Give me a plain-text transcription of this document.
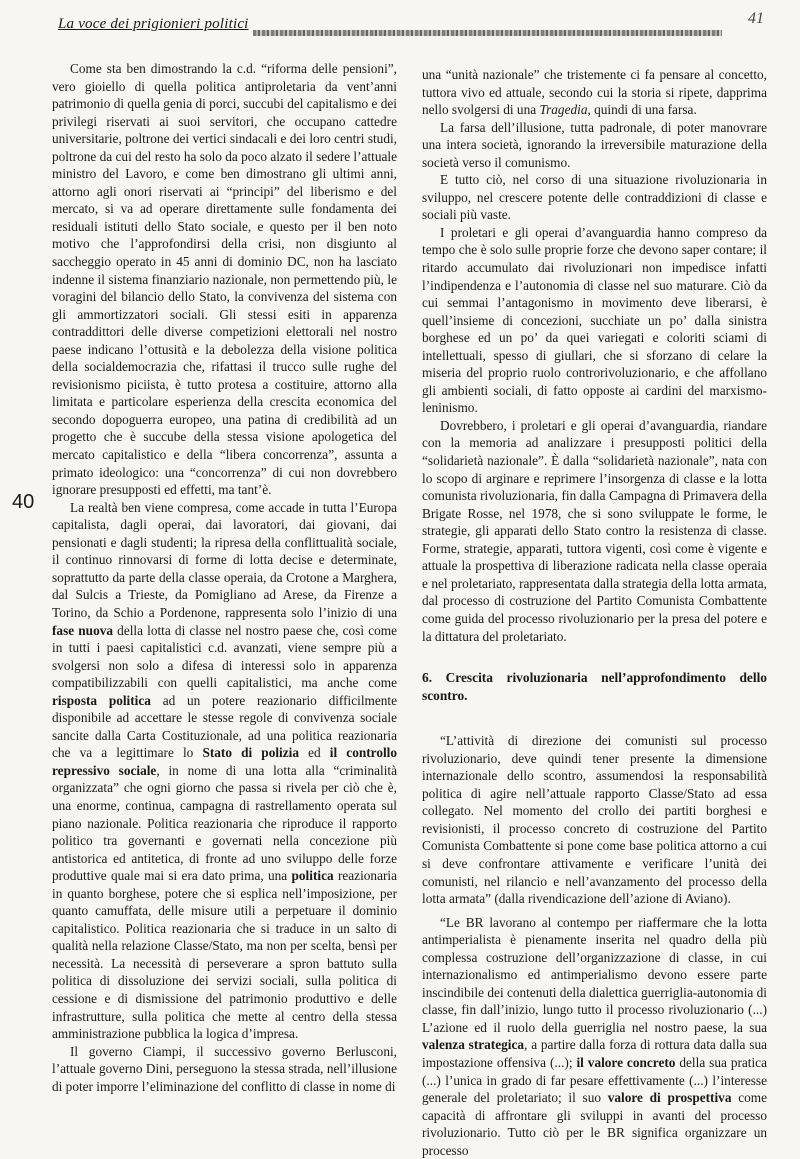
La voce dei prigionieri politici	41
40

Come sta ben dimostrando la c.d. “riforma delle pensioni”, vero gioiello di quella politica antiproletaria da vent’anni patrimonio di quella genia di porci, succubi del capitalismo e dei privilegi riservati ai suoi servitori, che occupano cattedre universitarie, poltrone dei vertici sindacali e dei loro centri studi, poltrone da cui del resto ha solo da poco alzato il sedere l’attuale ministro del Lavoro, e come ben dimostrano gli ultimi anni, attorno agli onori riservati ai “principi” del liberismo e del mercato, si va ad operare direttamente sulle fondamenta dei residuali istituti dello Stato sociale, e questo per il ben noto motivo che l’approfondirsi della crisi, non disgiunto al saccheggio operato in 45 anni di dominio DC, non ha lasciato indenne il sistema finanziario nazionale, non permettendo più, le voragini del bilancio dello Stato, la convivenza del sistema con gli ammortizzatori sociali. Gli stessi esiti in apparenza contraddittori delle diverse competizioni elettorali nel nostro paese indicano l’ottusità e la debolezza della visione politica della socialdemocrazia che, rifattasi il trucco sulle rughe del revisionismo piciista, è tutto protesa a costituire, attorno alla limitata e particolare esperienza della crescita economica del secondo dopoguerra europeo, una patina di credibilità ad un progetto che è succube della stessa visione apologetica del mercato capitalistico e della “libera concorrenza”, assunta a primato ideologico: una “concorrenza” di cui non dovrebbero ignorare presupposti ed effetti, ma tant’è.

La realtà ben viene compresa, come accade in tutta l’Europa capitalista, dagli operai, dai lavoratori, dai giovani, dai pensionati e dagli studenti; la ripresa della conflittualità sociale, il continuo rinnovarsi di forme di lotta decise e determinate, soprattutto da parte della classe operaia, da Crotone a Marghera, dal Sulcis a Trieste, da Pomigliano ad Arese, da Firenze a Torino, da Schio a Pordenone, rappresenta solo l’inizio di una fase nuova della lotta di classe nel nostro paese che, così come in tutti i paesi capitalistici c.d. avanzati, viene sempre più a svolgersi non solo a difesa di interessi solo in apparenza compatibilizzabili con quelli capitalistici, ma anche come risposta politica ad un potere reazionario difficilmente disponibile ad accettare le stesse regole di convivenza sociale sancite dalla Carta Costituzionale, ad una politica reazionaria che va a legittimare lo Stato di polizia ed il controllo repressivo sociale, in nome di una lotta alla “criminalità organizzata” che ogni giorno che passa si rivela per ciò che è, una enorme, continua, campagna di rastrellamento operata sul piano nazionale. Politica reazionaria che riproduce il rapporto politico tra governanti e governati nella concezione più antistorica ed antitetica, di fronte ad uno sviluppo delle forze produttive quale mai si era dato prima, una politica reazionaria in quanto borghese, potere che si esplica nell’imposizione, per quanto camuffata, delle misure utili a perpetuare il dominio capitalistico. Politica reazionaria che si traduce in un salto di qualità nella relazione Classe/Stato, ma non per scelta, bensì per necessità. La necessità di perseverare a spron battuto sulla politica di dissoluzione dei servizi sociali, sulla politica di cessione e di dismissione del patrimonio produttivo e delle infrastrutture, sulla politica che mette al centro della stessa amministrazione pubblica la logica d’impresa.

Il governo Ciampi, il successivo governo Berlusconi, l’attuale governo Dini, perseguono la stessa strada, nell’illusione di poter imporre l’eliminazione del conflitto di classe in nome di

una “unità nazionale” che tristemente ci fa pensare al concetto, tuttora vivo ed attuale, secondo cui la storia si ripete, dapprima nello svolgersi di una Tragedia, quindi di una farsa.

La farsa dell’illusione, tutta padronale, di poter manovrare una intera società, ignorando la irreversibile maturazione della società verso il comunismo.

E tutto ciò, nel corso di una situazione rivoluzionaria in sviluppo, nel crescere potente delle contraddizioni di classe e sociali più vaste.

I proletari e gli operai d’avanguardia hanno compreso da tempo che è solo sulle proprie forze che devono saper contare; il ritardo accumulato dai rivoluzionari non impedisce infatti l’indipendenza e l’autonomia di classe nel suo maturare. Ciò da cui semmai l’antagonismo in movimento deve liberarsi, è quell’insieme di concezioni, succhiate un po’ dalla sinistra borghese ed un po’ da quei variegati e coloriti sciami di intellettuali, spesso di giullari, che si sforzano di celare la miseria del proprio ruolo controrivoluzionario, e che affollano gli ambienti sociali, di fatto opposte ai cardini del marxismo-leninismo.

Dovrebbero, i proletari e gli operai d’avanguardia, riandare con la memoria ad analizzare i presupposti politici della “solidarietà nazionale”. È dalla “solidarietà nazionale”, nata con lo scopo di arginare e reprimere l’insorgenza di classe e la lotta comunista rivoluzionaria, fin dalla Campagna di Primavera della Brigate Rosse, nel 1978, che si sono sviluppate le forme, le strategie, gli apparati dello Stato contro la resistenza di classe. Forme, strategie, apparati, tuttora vigenti, così come è vigente e attuale la prospettiva di liberazione radicata nella classe operaia e nel proletariato, rappresentata dalla strategia della lotta armata, dal processo di costruzione del Partito Comunista Combattente come guida del processo rivoluzionario per la presa del potere e la dittatura del proletariato.

6. Crescita rivoluzionaria nell’approfondimento dello scontro.

“L’attività di direzione dei comunisti sul processo rivoluzionario, deve quindi tener presente la dimensione internazionale dello scontro, assumendosi la responsabilità politica di agire nell’attuale rapporto Classe/Stato ad essa collegato. Nel momento del crollo dei partiti borghesi e revisionisti, il processo concreto di costruzione del Partito Comunista Combattente si pone come base politica attorno a cui si deve confrontare attivamente e verificare l’unità dei comunisti, nel rilancio e nell’avanzamento del processo della lotta armata” (dalla rivendicazione dell’azione di Aviano).

“Le BR lavorano al contempo per riaffermare che la lotta antimperialista è pienamente inserita nel quadro della più complessa costruzione dell’organizzazione di classe, in cui internazionalismo ed antimperialismo devono essere parte inscindibile dei contenuti della dialettica guerriglia-autonomia di classe, fin dall’inizio, lungo tutto il processo rivoluzionario (...) L’azione ed il ruolo della guerriglia nel nostro paese, la sua valenza strategica, a partire dalla forza di rottura data dalla sua impostazione offensiva (...); il valore concreto della sua pratica (...) l’unica in grado di far pesare effettivamente (...) l’interesse generale del proletariato; il suo valore di prospettiva come capacità di affrontare gli sviluppi in avanti del processo rivoluzionario. Tutto ciò per le BR significa organizzare un processo
